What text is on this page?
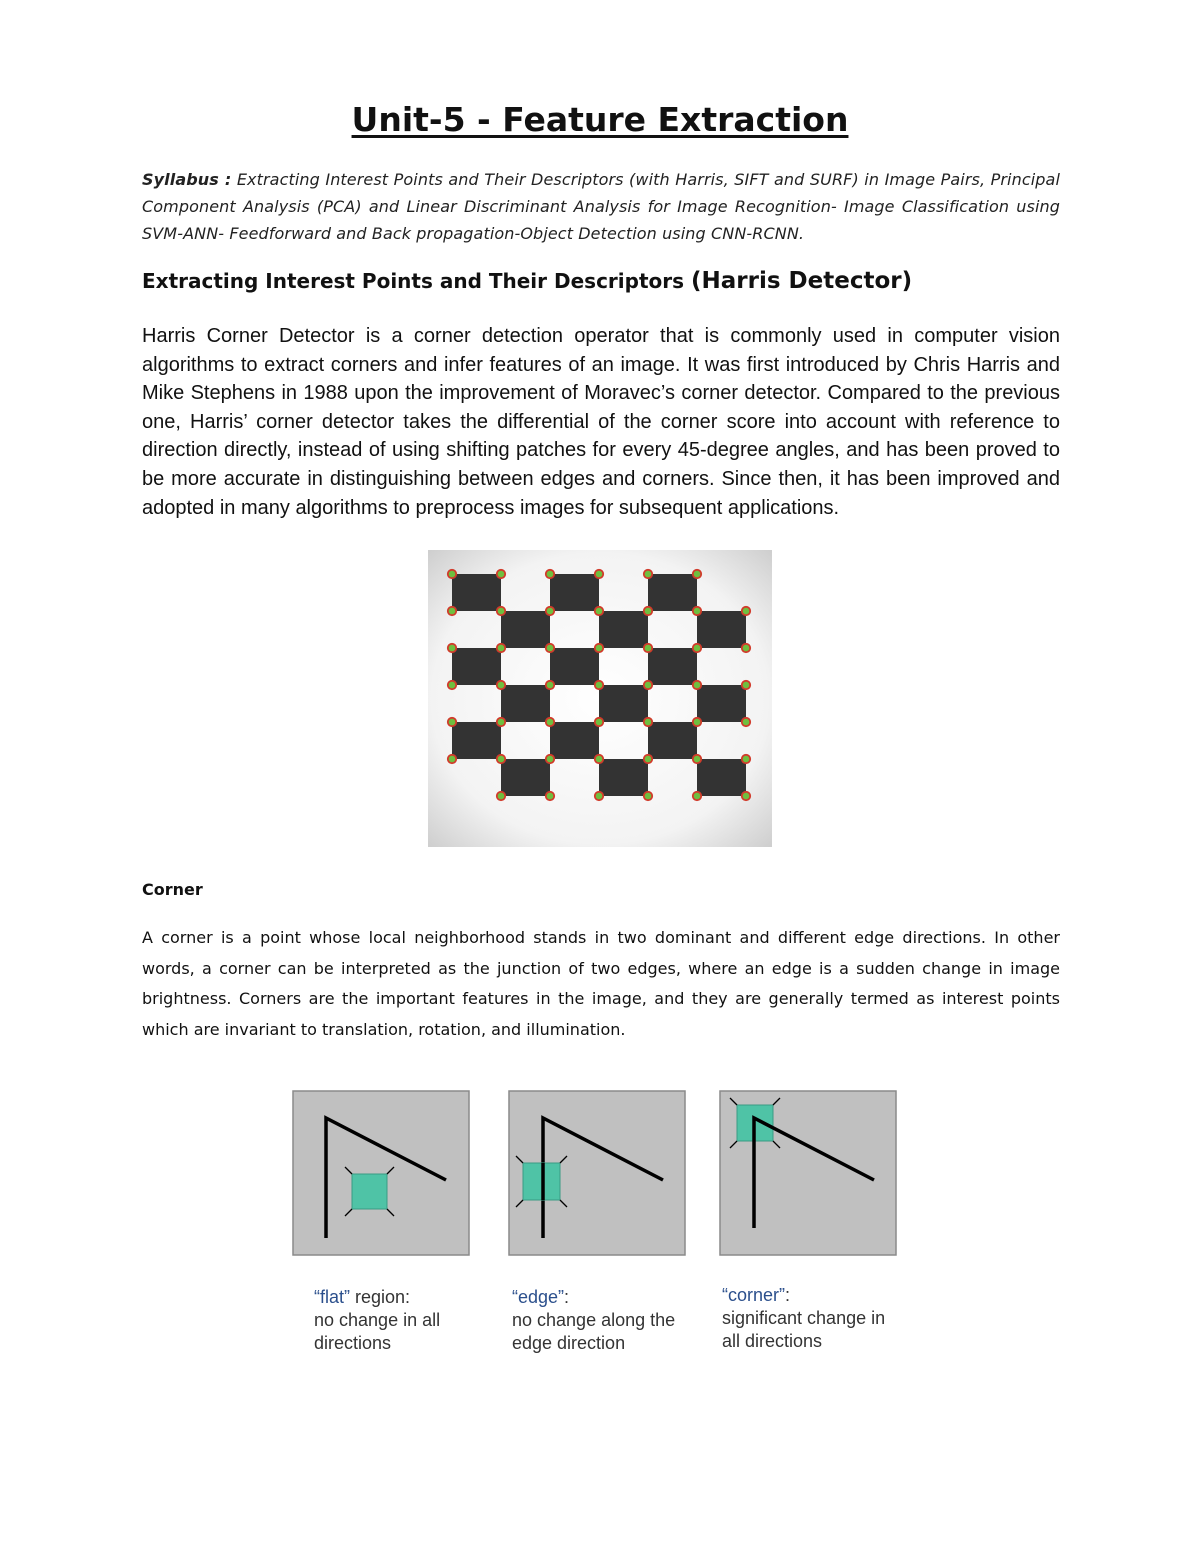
Unit-5 - Feature Extraction
Syllabus : Extracting Interest Points and Their Descriptors (with Harris, SIFT and SURF) in Image Pairs, Principal Component Analysis (PCA) and Linear Discriminant Analysis for Image Recognition- Image Classification using SVM-ANN- Feedforward and Back propagation-Object Detection using CNN-RCNN.
Extracting Interest Points and Their Descriptors (Harris Detector)
Harris Corner Detector is a corner detection operator that is commonly used in computer vision algorithms to extract corners and infer features of an image. It was first introduced by Chris Harris and Mike Stephens in 1988 upon the improvement of Moravec’s corner detector. Compared to the previous one, Harris’ corner detector takes the differential of the corner score into account with reference to direction directly, instead of using shifting patches for every 45-degree angles, and has been proved to be more accurate in distinguishing between edges and corners. Since then, it has been improved and adopted in many algorithms to preprocess images for subsequent applications.
Corner
A corner is a point whose local neighborhood stands in two dominant and different edge directions. In other words, a corner can be interpreted as the junction of two edges, where an edge is a sudden change in image brightness. Corners are the important features in the image, and they are generally termed as interest points which are invariant to translation, rotation, and illumination.
“flat” region:
no change in all
directions
“edge”:
no change along the
edge direction
“corner”:
significant change in
all directions
